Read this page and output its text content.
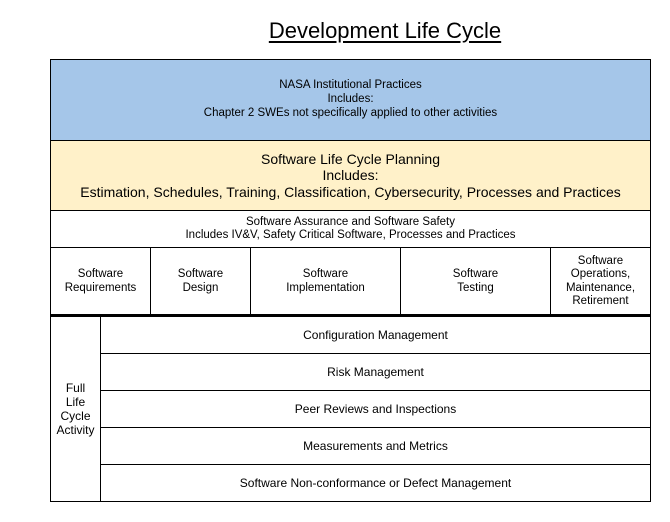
Development Life Cycle
NASA Institutional Practices
Includes:
Chapter 2 SWEs not specifically applied to other activities
Software Life Cycle Planning
Includes:
Estimation, Schedules, Training, Classification, Cybersecurity, Processes and Practices
Software Assurance and Software Safety
Includes IV&V, Safety Critical Software, Processes and Practices
Software
Requirements
Software
Design
Software
Implementation
Software
Testing
Software
Operations,
Maintenance,
Retirement
Full
Life
Cycle
Activity
Configuration Management
Risk Management
Peer Reviews and Inspections
Measurements and Metrics
Software Non-conformance or Defect Management
